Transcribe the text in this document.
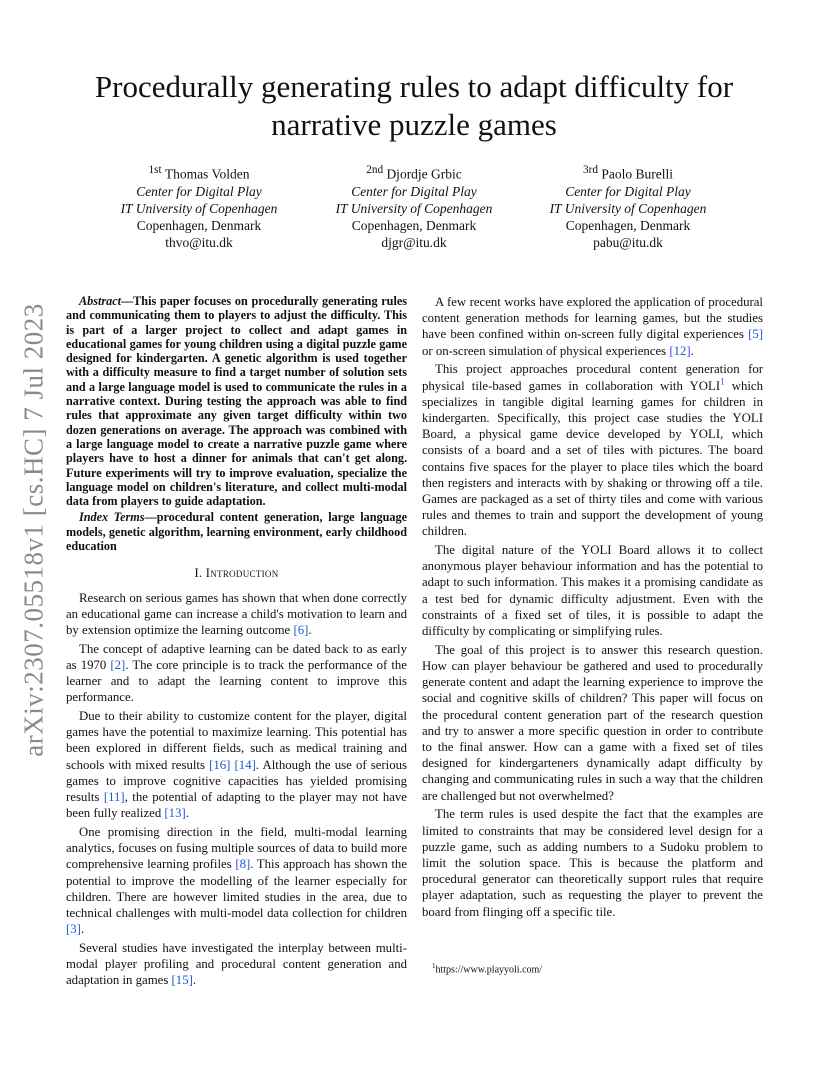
arXiv:2307.05518v1 [cs.HC] 7 Jul 2023
Procedurally generating rules to adapt difficulty for narrative puzzle games
$^{1st}$ Thomas Volden
Center for Digital Play
IT University of Copenhagen
Copenhagen, Denmark
thvo@itu.dk
$^{2nd}$ Djordje Grbic
Center for Digital Play
IT University of Copenhagen
Copenhagen, Denmark
djgr@itu.dk
$^{3rd}$ Paolo Burelli
Center for Digital Play
IT University of Copenhagen
Copenhagen, Denmark
pabu@itu.dk

Abstract—This paper focuses on procedurally generating rules and communicating them to players to adjust the difficulty. This is part of a larger project to collect and adapt games in educational games for young children using a digital puzzle game designed for kindergarten. A genetic algorithm is used together with a difficulty measure to find a target number of solution sets and a large language model is used to communicate the rules in a narrative context. During testing the approach was able to find rules that approximate any given target difficulty within two dozen generations on average. The approach was combined with a large language model to create a narrative puzzle game where players have to host a dinner for animals that can't get along. Future experiments will try to improve evaluation, specialize the language model on children's literature, and collect multi-modal data from players to guide adaptation.

Index Terms—procedural content generation, large language models, genetic algorithm, learning environment, early childhood education

I. Introduction

Research on serious games has shown that when done correctly an educational game can increase a child's motivation to learn and by extension optimize the learning outcome [6].

The concept of adaptive learning can be dated back to as early as 1970 [2]. The core principle is to track the performance of the learner and to adapt the learning content to improve this performance.

Due to their ability to customize content for the player, digital games have the potential to maximize learning. This potential has been explored in different fields, such as medical training and schools with mixed results [16] [14]. Although the use of serious games to improve cognitive capacities has yielded promising results [11], the potential of adapting to the player may not have been fully realized [13].

One promising direction in the field, multi-modal learning analytics, focuses on fusing multiple sources of data to build more comprehensive learning profiles [8]. This approach has shown the potential to improve the modelling of the learner especially for children. There are however limited studies in the area, due to technical challenges with multi-model data collection for children [3].

Several studies have investigated the interplay between multi-modal player profiling and procedural content generation and adaptation in games [15].

A few recent works have explored the application of procedural content generation methods for learning games, but the studies have been confined within on-screen fully digital experiences [5] or on-screen simulation of physical experiences [12].

This project approaches procedural content generation for physical tile-based games in collaboration with YOLI$^1$ which specializes in tangible digital learning games for children in kindergarten. Specifically, this project case studies the YOLI Board, a physical game device developed by YOLI, which consists of a board and a set of tiles with pictures. The board contains five spaces for the player to place tiles which the board then registers and interacts with by shaking or throwing off a tile. Games are packaged as a set of thirty tiles and come with various rules and themes to train and support the development of young children.

The digital nature of the YOLI Board allows it to collect anonymous player behaviour information and has the potential to adapt to such information. This makes it a promising candidate as a test bed for dynamic difficulty adjustment. Even with the constraints of a fixed set of tiles, it is possible to adapt the difficulty by complicating or simplifying rules.

The goal of this project is to answer this research question. How can player behaviour be gathered and used to procedurally generate content and adapt the learning experience to improve the social and cognitive skills of children? This paper will focus on the procedural content generation part of the research question and try to answer a more specific question in order to contribute to the final answer. How can a game with a fixed set of tiles designed for kindergarteners dynamically adapt difficulty by changing and communicating rules in such a way that the children are challenged but not overwhelmed?

The term rules is used despite the fact that the examples are limited to constraints that may be considered level design for a puzzle game, such as adding numbers to a Sudoku problem to limit the solution space. This is because the platform and procedural generator can theoretically support rules that require player adaptation, such as requesting the player to prevent the board from flinging off a specific tile.

$^1$https://www.playyoli.com/
